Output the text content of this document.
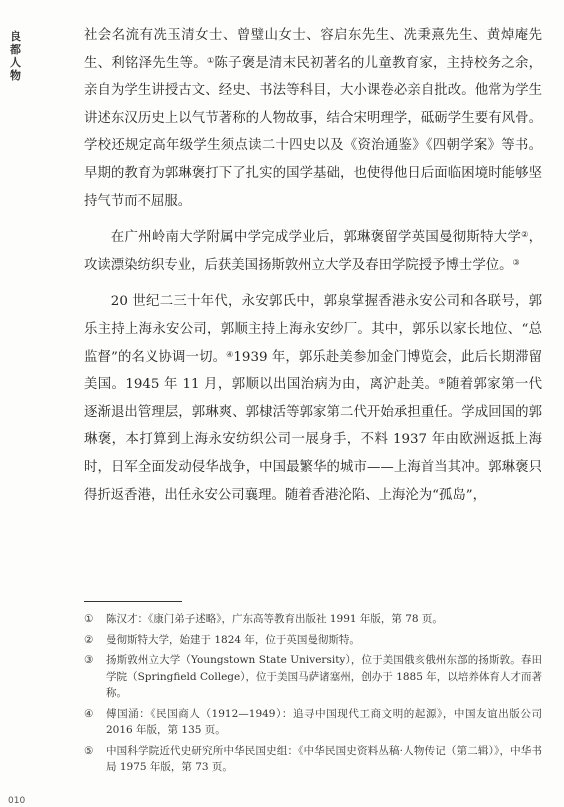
良都人物

社会名流有冼玉清女士、曾璧山女士、容启东先生、冼秉熹先生、黄焯庵先生、利铭泽先生等。①陈子褒是清末民初著名的儿童教育家，主持校务之余，亲自为学生讲授古文、经史、书法等科目，大小课卷必亲自批改。他常为学生讲述东汉历史上以气节著称的人物故事，结合宋明理学，砥砺学生要有风骨。学校还规定高年级学生须点读二十四史以及《资治通鉴》《四朝学案》等书。早期的教育为郭琳褒打下了扎实的国学基础，也使得他日后面临困境时能够坚持气节而不屈服。

在广州岭南大学附属中学完成学业后，郭琳褒留学英国曼彻斯特大学②，攻读漂染纺织专业，后获美国扬斯敦州立大学及春田学院授予博士学位。③

20 世纪二三十年代，永安郭氏中，郭泉掌握香港永安公司和各联号，郭乐主持上海永安公司，郭顺主持上海永安纱厂。其中，郭乐以家长地位、“总监督”的名义协调一切。④1939 年，郭乐赴美参加金门博览会，此后长期滞留美国。1945 年 11 月，郭顺以出国治病为由，离沪赴美。⑤随着郭家第一代逐渐退出管理层，郭琳爽、郭棣活等郭家第二代开始承担重任。学成回国的郭琳褒，本打算到上海永安纺织公司一展身手，不料 1937 年由欧洲返抵上海时，日军全面发动侵华战争，中国最繁华的城市——上海首当其冲。郭琳褒只得折返香港，出任永安公司襄理。随着香港沦陷、上海沦为“孤岛”，

①	陈汉才：《康门弟子述略》，广东高等教育出版社 1991 年版，第 78 页。
②	曼彻斯特大学，始建于 1824 年，位于英国曼彻斯特。
③	扬斯敦州立大学（Youngstown State University），位于美国俄亥俄州东部的扬斯敦。春田学院（Springfield College），位于美国马萨诸塞州，创办于 1885 年，以培养体育人才而著称。
④	傅国涌：《民国商人（1912—1949）：追寻中国现代工商文明的起源》，中国友谊出版公司 2016 年版，第 135 页。
⑤	中国科学院近代史研究所中华民国史组：《中华民国史资料丛稿·人物传记（第二辑）》，中华书局 1975 年版，第 73 页。
010
